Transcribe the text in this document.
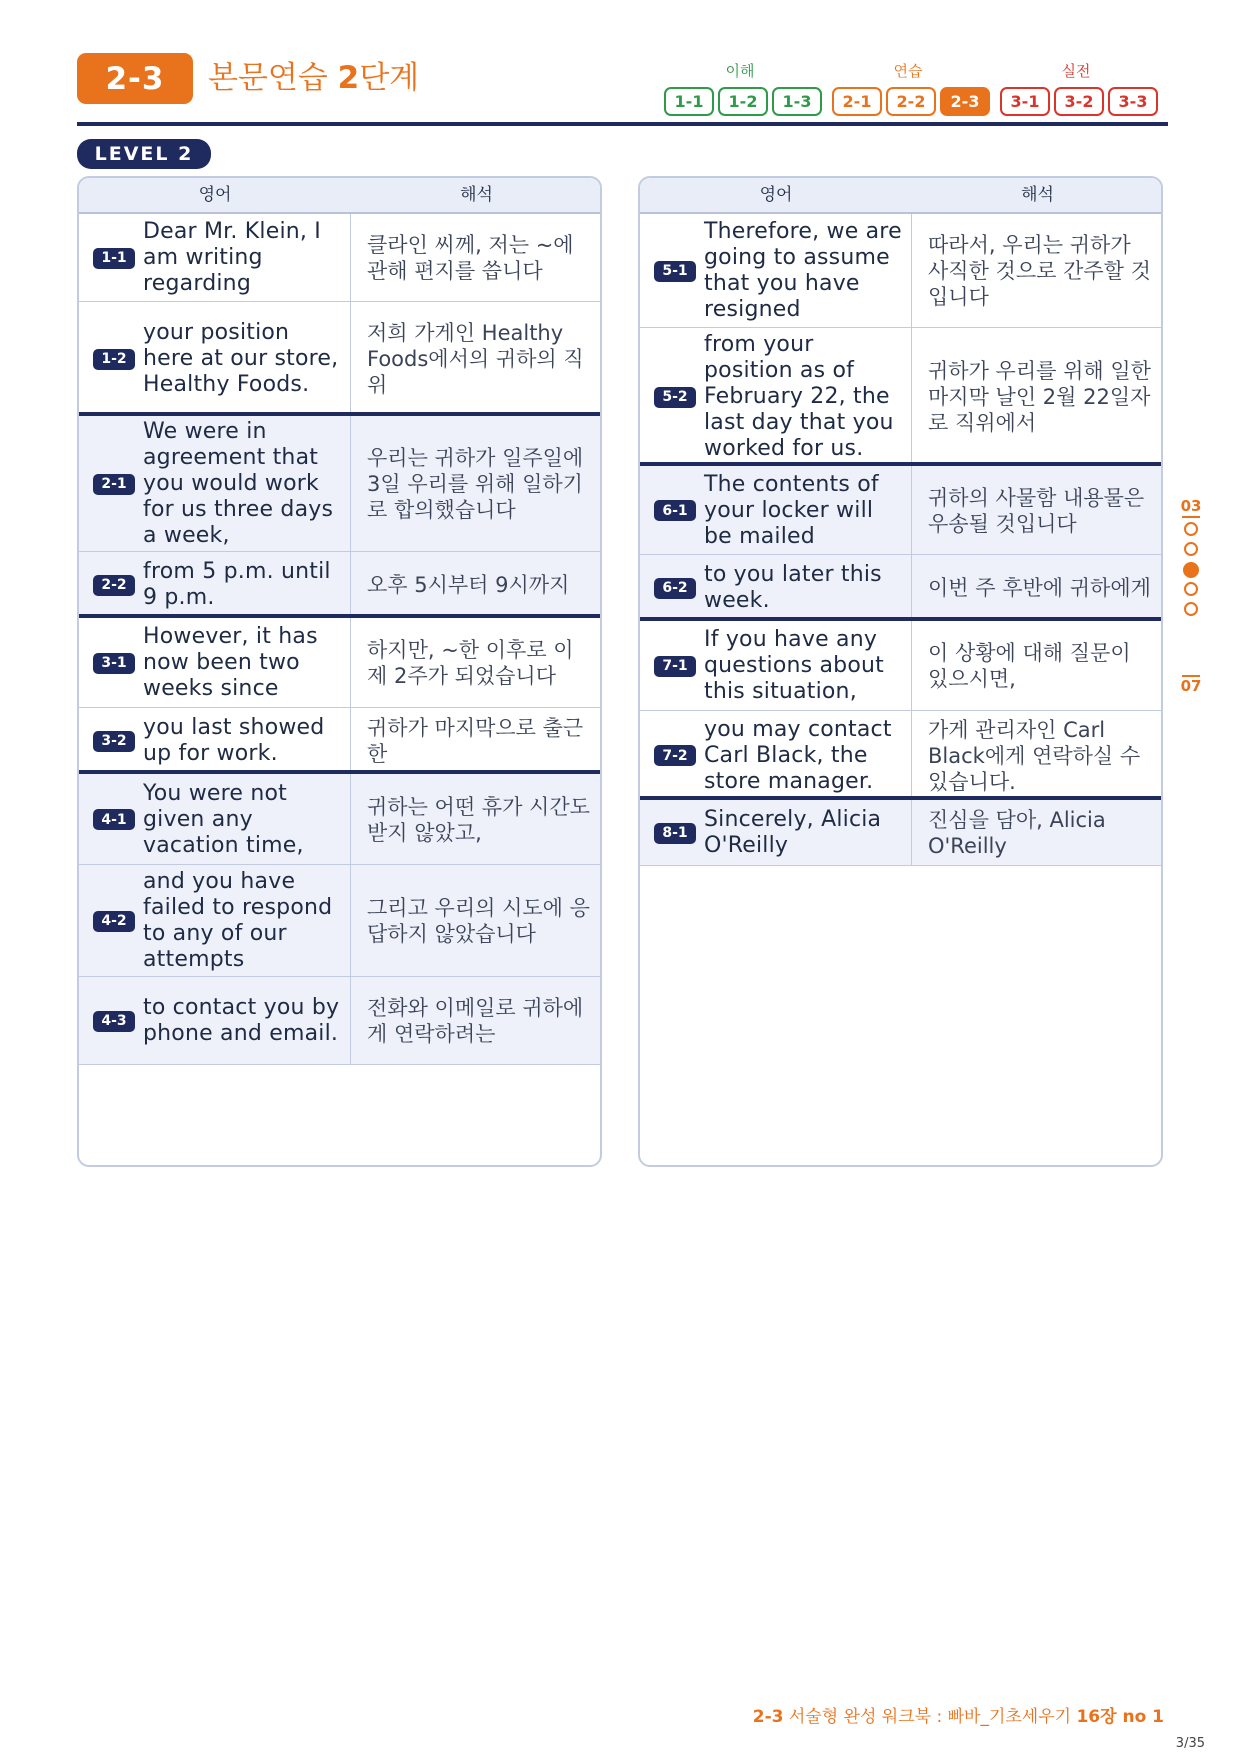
2-3	본문연습 2단계	이해	연습	실전
1-1	1-2	1-3	2-1	2-2	2-3	3-1	3-2	3-3
LEVEL 2
영어	해석
1-1
Dear Mr. Klein, I am writing regarding
클라인 씨께, 저는 ~에 관해 편지를 씁니다
1-2
your position here at our store, Healthy Foods.
저희 가게인 Healthy Foods에서의 귀하의 직위
2-1
We were in agreement that you would work for us three days a week,
우리는 귀하가 일주일에 3일 우리를 위해 일하기로 합의했습니다
2-2
from 5 p.m. until 9 p.m.	오후 5시부터 9시까지
3-1
However, it has now been two weeks since
하지만, ~한 이후로 이제 2주가 되었습니다
3-2
you last showed up for work.
귀하가 마지막으로 출근한
4-1
You were not given any vacation time,
귀하는 어떤 휴가 시간도 받지 않았고,
4-2
and you have failed to respond to any of our attempts
그리고 우리의 시도에 응답하지 않았습니다
4-3
to contact you by phone and email.
전화와 이메일로 귀하에게 연락하려는
영어	해석
5-1
Therefore, we are going to assume that you have resigned
따라서, 우리는 귀하가 사직한 것으로 간주할 것입니다
5-2
from your position as of February 22, the last day that you worked for us.
귀하가 우리를 위해 일한 마지막 날인 2월 22일자로 직위에서
6-1
The contents of your locker will be mailed
귀하의 사물함 내용물은 우송될 것입니다
6-2
to you later this week.	이번 주 후반에 귀하에게
7-1
If you have any questions about this situation,
이 상황에 대해 질문이 있으시면,
7-2
you may contact Carl Black, the store manager.
가게 관리자인 Carl Black에게 연락하실 수 있습니다.
8-1
Sincerely, Alicia O'Reilly
진심을 담아, Alicia O'Reilly
03
07
2-3 서술형 완성 워크북 : 빠바_기초세우기 16장 no 1
3/35
